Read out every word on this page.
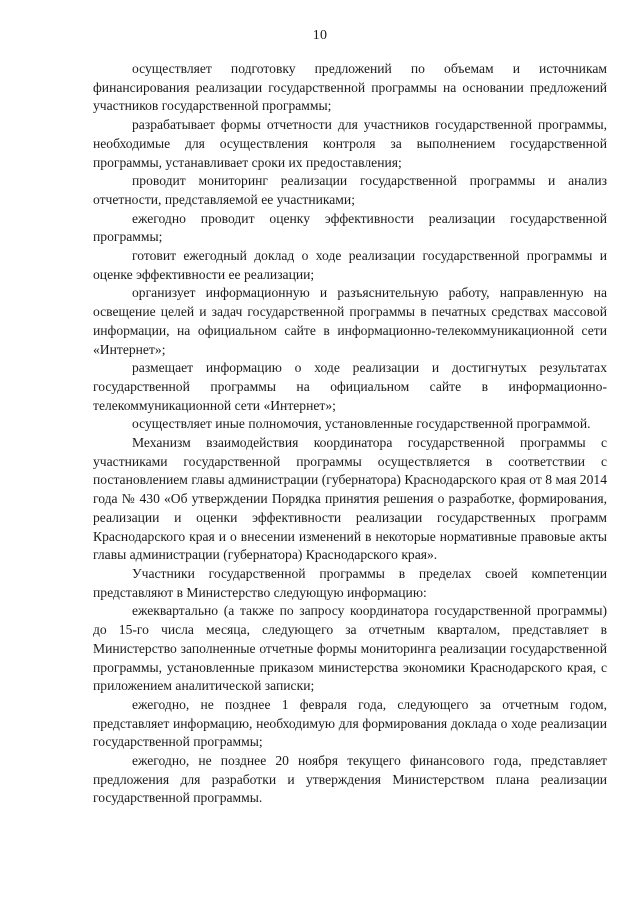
10

осуществляет подготовку предложений по объемам и источникам финансирования реализации государственной программы на основании предложений участников государственной программы;

разрабатывает формы отчетности для участников государственной программы, необходимые для осуществления контроля за выполнением государственной программы, устанавливает сроки их предоставления;

проводит мониторинг реализации государственной программы и анализ отчетности, представляемой ее участниками;

ежегодно проводит оценку эффективности реализации государственной программы;

готовит ежегодный доклад о ходе реализации государственной программы и оценке эффективности ее реализации;

организует информационную и разъяснительную работу, направленную на освещение целей и задач государственной программы в печатных средствах массовой информации, на официальном сайте в информационно-телекоммуникационной сети «Интернет»;

размещает информацию о ходе реализации и достигнутых результатах государственной программы на официальном сайте в информационно-телекоммуникационной сети «Интернет»;

осуществляет иные полномочия, установленные государственной программой.

Механизм взаимодействия координатора государственной программы с участниками государственной программы осуществляется в соответствии с постановлением главы администрации (губернатора) Краснодарского края от 8 мая 2014 года № 430 «Об утверждении Порядка принятия решения о разработке, формирования, реализации и оценки эффективности реализации государственных программ Краснодарского края и о внесении изменений в некоторые нормативные правовые акты главы администрации (губернатора) Краснодарского края».

Участники государственной программы в пределах своей компетенции представляют в Министерство следующую информацию:

ежеквартально (а также по запросу координатора государственной программы) до 15-го числа месяца, следующего за отчетным кварталом, представляет в Министерство заполненные отчетные формы мониторинга реализации государственной программы, установленные приказом министерства экономики Краснодарского края, с приложением аналитической записки;

ежегодно, не позднее 1 февраля года, следующего за отчетным годом, представляет информацию, необходимую для формирования доклада о ходе реализации государственной программы;

ежегодно, не позднее 20 ноября текущего финансового года, представляет предложения для разработки и утверждения Министерством плана реализации государственной программы.
